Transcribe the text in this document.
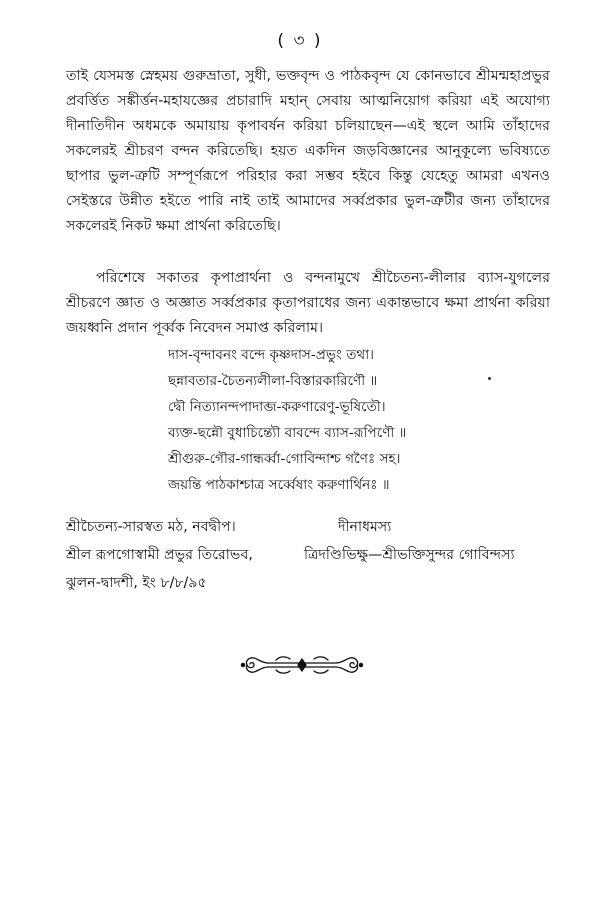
( ৩ )

তাই যেসমস্ত স্নেহময় গুরুভ্রাতা, সুধী, ভক্তবৃন্দ ও পাঠকবৃন্দ যে কোনভাবে শ্রীমন্মহাপ্রভুর প্রবর্ত্তিত সঙ্কীর্ত্তন-মহাযজ্ঞের প্রচারাদি মহান্‌ সেবায় আত্মনিয়োগ করিয়া এই অযোগ্য দীনাতিদীন অধমকে অমায়ায় কৃপাবর্ষন করিয়া চলিয়াছেন—এই স্থলে আমি তাঁহাদের সকলেরই শ্রীচরণ বন্দন করিতেছি। হয়ত একদিন জড়বিজ্ঞানের আনুকূল্যে ভবিষ্যতে ছাপার ভুল-ত্রুটি সম্পূর্ণরূপে পরিহার করা সম্ভব হইবে কিন্তু যেহেতু আমরা এখনও সেইস্তরে উন্নীত হইতে পারি নাই তাই আমাদের সর্ব্বপ্রকার ভুল-ত্রুটীর জন্য তাঁহাদের সকলেরই নিকট ক্ষমা প্রার্থনা করিতেছি।

পরিশেষে সকাতর কৃপাপ্রার্থনা ও বন্দনামুখে শ্রীচৈতন্য-লীলার ব্যাস-যুগলের শ্রীচরণে জ্ঞাত ও অজ্ঞাত সর্ব্বপ্রকার কৃতাপরাধের জন্য একান্তভাবে ক্ষমা প্রার্থনা করিয়া জয়ধ্বনি প্রদান পূর্ব্বক নিবেদন সমাপ্ত করিলাম।

দাস-বৃন্দাবনং বন্দে কৃষ্ণদাস-প্রভুং তথা।
ছন্নাবতার-চৈতন্যলীলা-বিস্তারকারিণৌ ॥
দ্বৌ নিত্যানন্দপাদাব্জ-করুণারেণু-ভূষিতৌ।
ব্যক্ত-ছন্নৌ বুধাচিন্ত্যৌ বাবন্দে ব্যাস-রূপিণৌ ॥
শ্রীগুরু-গৌর-গান্ধর্ব্বা-গোবিন্দাশ্চ গণৈঃ সহ।
জয়ন্তি পাঠকাশ্চাত্র সর্ব্বেষাং করুণার্থিনঃ ॥
শ্রীচৈতন্য-সারস্বত মঠ, নবদ্বীপ।
শ্রীল রূপগোস্বামী প্রভুর তিরোভব,
ঝুলন-দ্বাদশী, ইং ৮/৮/৯৫
দীনাধমস্য
ত্রিদণ্ডিভিক্ষু—শ্রীভক্তিসুন্দর গোবিন্দস্য
